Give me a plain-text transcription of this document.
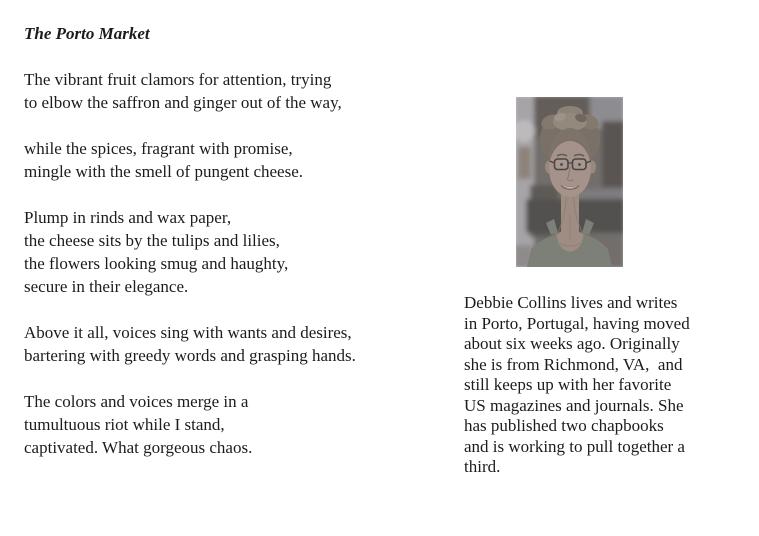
The Porto Market
The vibrant fruit clamors for attention, trying
to elbow the saffron and ginger out of the way,
while the spices, fragrant with promise,
mingle with the smell of pungent cheese.
Plump in rinds and wax paper,
the cheese sits by the tulips and lilies,
the flowers looking smug and haughty,
secure in their elegance.
Above it all, voices sing with wants and desires,
bartering with greedy words and grasping hands.
The colors and voices merge in a
tumultuous riot while I stand,
captivated. What gorgeous chaos.
Debbie Collins lives and writes
in Porto, Portugal, having moved
about six weeks ago. Originally
she is from Richmond, VA,  and
still keeps up with her favorite
US magazines and journals. She
has published two chapbooks
and is working to pull together a
third.
